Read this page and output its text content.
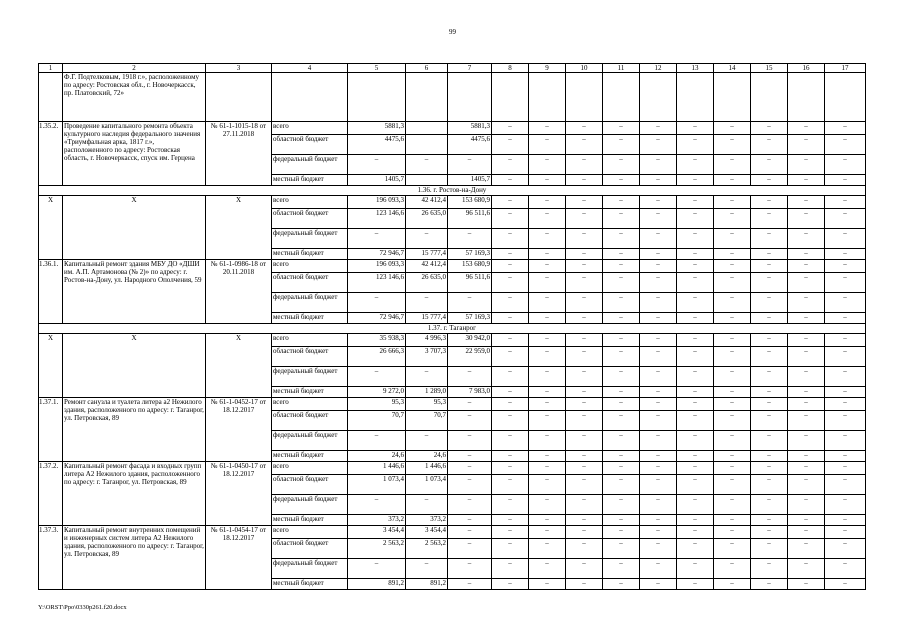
99
1	2	3	4	5	6	7	8	9	10	11	12	13	14	15	16	17
	Ф.Г. Подтелковым, 1918 г.», расположенному по адресу: Ростовская обл., г. Новочеркасск, пр. Платовский, 72»															
1.35.2.	Проведение капитального ремонта объекта культурного наследия федерального значения «Триумфальная арка, 1817 г.», расположенного по адресу: Ростовская область, г. Новочеркасск, спуск им. Герцена	№ 61-1-1015-18 от 27.11.2018	всего	5881,3		5881,3	–	–	–	–	–	–	–	–	–	–
			областной бюджет	4475,6		4475,6	–	–	–	–	–	–	–	–	–	–
			федеральный бюджет	–	–	–	–	–	–	–	–	–	–	–	–	–
			местный бюджет	1405,7		1405,7	–	–	–	–	–	–	–	–	–	–
1.36. г. Ростов-на-Дону																
Х	Х	Х	всего	196 093,3	42 412,4	153 680,9	–	–	–	–	–	–	–	–	–	–
			областной бюджет	123 146,6	26 635,0	96 511,6	–	–	–	–	–	–	–	–	–	–
			федеральный бюджет	–	–	–	–	–	–	–	–	–	–	–	–	–
			местный бюджет	72 946,7	15 777,4	57 169,3	–	–	–	–	–	–	–	–	–	–
1.36.1.	Капитальный ремонт здания МБУ ДО «ДШИ им. А.П. Артамонова (№ 2)» по адресу: г. Ростов-на-Дону, ул. Народного Ополчения, 59	№ 61-1-0986-18 от 20.11.2018	всего	196 093,3	42 412,4	153 680,9	–	–	–	–	–	–	–	–	–	–
			областной бюджет	123 146,6	26 635,0	96 511,6	–	–	–	–	–	–	–	–	–	–
			федеральный бюджет	–	–	–	–	–	–	–	–	–	–	–	–	–
			местный бюджет	72 946,7	15 777,4	57 169,3	–	–	–	–	–	–	–	–	–	–
1.37. г. Таганрог																
Х	Х	Х	всего	35 938,3	4 996,3	30 942,0	–	–	–	–	–	–	–	–	–	–
			областной бюджет	26 666,3	3 707,3	22 959,0	–	–	–	–	–	–	–	–	–	–
			федеральный бюджет	–	–	–	–	–	–	–	–	–	–	–	–	–
			местный бюджет	9 272,0	1 289,0	7 983,0	–	–	–	–	–	–	–	–	–	–
1.37.1.	Ремонт санузла и туалета литера а2 Нежилого здания, расположенного по адресу: г. Таганрог, ул. Петровская, 89	№ 61-1-0452-17 от 18.12.2017	всего	95,3	95,3	–	–	–	–	–	–	–	–	–	–	–
			областной бюджет	70,7	70,7	–	–	–	–	–	–	–	–	–	–	–
			федеральный бюджет	–	–	–	–	–	–	–	–	–	–	–	–	–
			местный бюджет	24,6	24,6	–	–	–	–	–	–	–	–	–	–	–
1.37.2.	Капитальный ремонт фасада и входных групп литера А2 Нежилого здания, расположенного по адресу: г. Таганрог, ул. Петровская, 89	№ 61-1-0450-17 от 18.12.2017	всего	1 446,6	1 446,6	–	–	–	–	–	–	–	–	–	–	–
			областной бюджет	1 073,4	1 073,4	–	–	–	–	–	–	–	–	–	–	–
			федеральный бюджет	–	–	–	–	–	–	–	–	–	–	–	–	–
			местный бюджет	373,2	373,2	–	–	–	–	–	–	–	–	–	–	–
1.37.3.	Капитальный ремонт внутренних помещений и инженерных систем литера А2 Нежилого здания, расположенного по адресу: г. Таганрог, ул. Петровская, 89	№ 61-1-0454-17 от 18.12.2017	всего	3 454,4	3 454,4	–	–	–	–	–	–	–	–	–	–	–
			областной бюджет	2 563,2	2 563,2	–	–	–	–	–	–	–	–	–	–	–
			федеральный бюджет	–	–	–	–	–	–	–	–	–	–	–	–	–
			местный бюджет	891,2	891,2	–	–	–	–	–	–	–	–	–	–	–
Y:\ORST\Ppo\0330p261.f20.docx
